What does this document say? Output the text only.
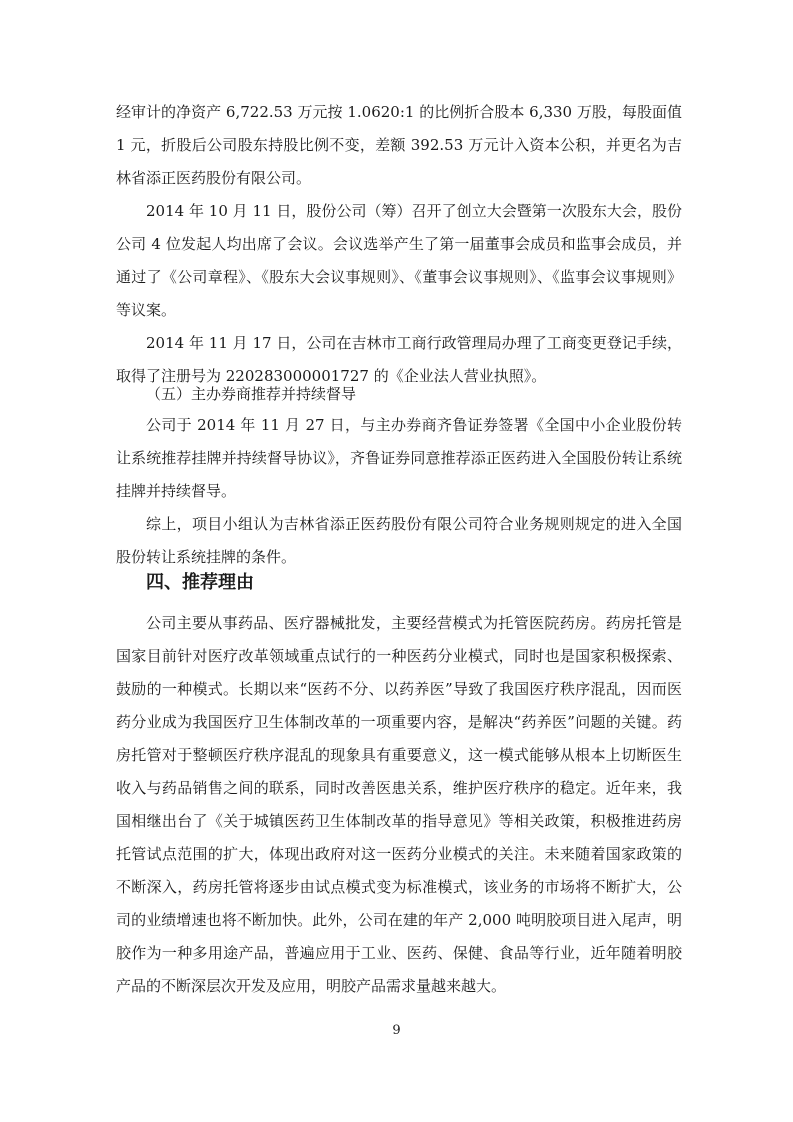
经审计的净资产 6,722.53 万元按 1.0620:1 的比例折合股本 6,330 万股，每股面值 1 元，折股后公司股东持股比例不变，差额 392.53 万元计入资本公积，并更名为吉林省添正医药股份有限公司。

2014 年 10 月 11 日，股份公司（筹）召开了创立大会暨第一次股东大会，股份公司 4 位发起人均出席了会议。会议选举产生了第一届董事会成员和监事会成员，并通过了《公司章程》、《股东大会议事规则》、《董事会议事规则》、《监事会议事规则》等议案。

2014 年 11 月 17 日，公司在吉林市工商行政管理局办理了工商变更登记手续，取得了注册号为 220283000001727 的《企业法人营业执照》。

（五）主办券商推荐并持续督导

公司于 2014 年 11 月 27 日，与主办券商齐鲁证券签署《全国中小企业股份转让系统推荐挂牌并持续督导协议》，齐鲁证券同意推荐添正医药进入全国股份转让系统挂牌并持续督导。

综上，项目小组认为吉林省添正医药股份有限公司符合业务规则规定的进入全国股份转让系统挂牌的条件。

四、推荐理由

公司主要从事药品、医疗器械批发，主要经营模式为托管医院药房。药房托管是国家目前针对医疗改革领域重点试行的一种医药分业模式，同时也是国家积极探索、鼓励的一种模式。长期以来“医药不分、以药养医”导致了我国医疗秩序混乱，因而医药分业成为我国医疗卫生体制改革的一项重要内容，是解决“药养医”问题的关键。药房托管对于整顿医疗秩序混乱的现象具有重要意义，这一模式能够从根本上切断医生收入与药品销售之间的联系，同时改善医患关系，维护医疗秩序的稳定。近年来，我国相继出台了《关于城镇医药卫生体制改革的指导意见》等相关政策，积极推进药房托管试点范围的扩大，体现出政府对这一医药分业模式的关注。未来随着国家政策的不断深入，药房托管将逐步由试点模式变为标准模式，该业务的市场将不断扩大，公司的业绩增速也将不断加快。此外，公司在建的年产 2,000 吨明胶项目进入尾声，明胶作为一种多用途产品，普遍应用于工业、医药、保健、食品等行业，近年随着明胶产品的不断深层次开发及应用，明胶产品需求量越来越大。

9
